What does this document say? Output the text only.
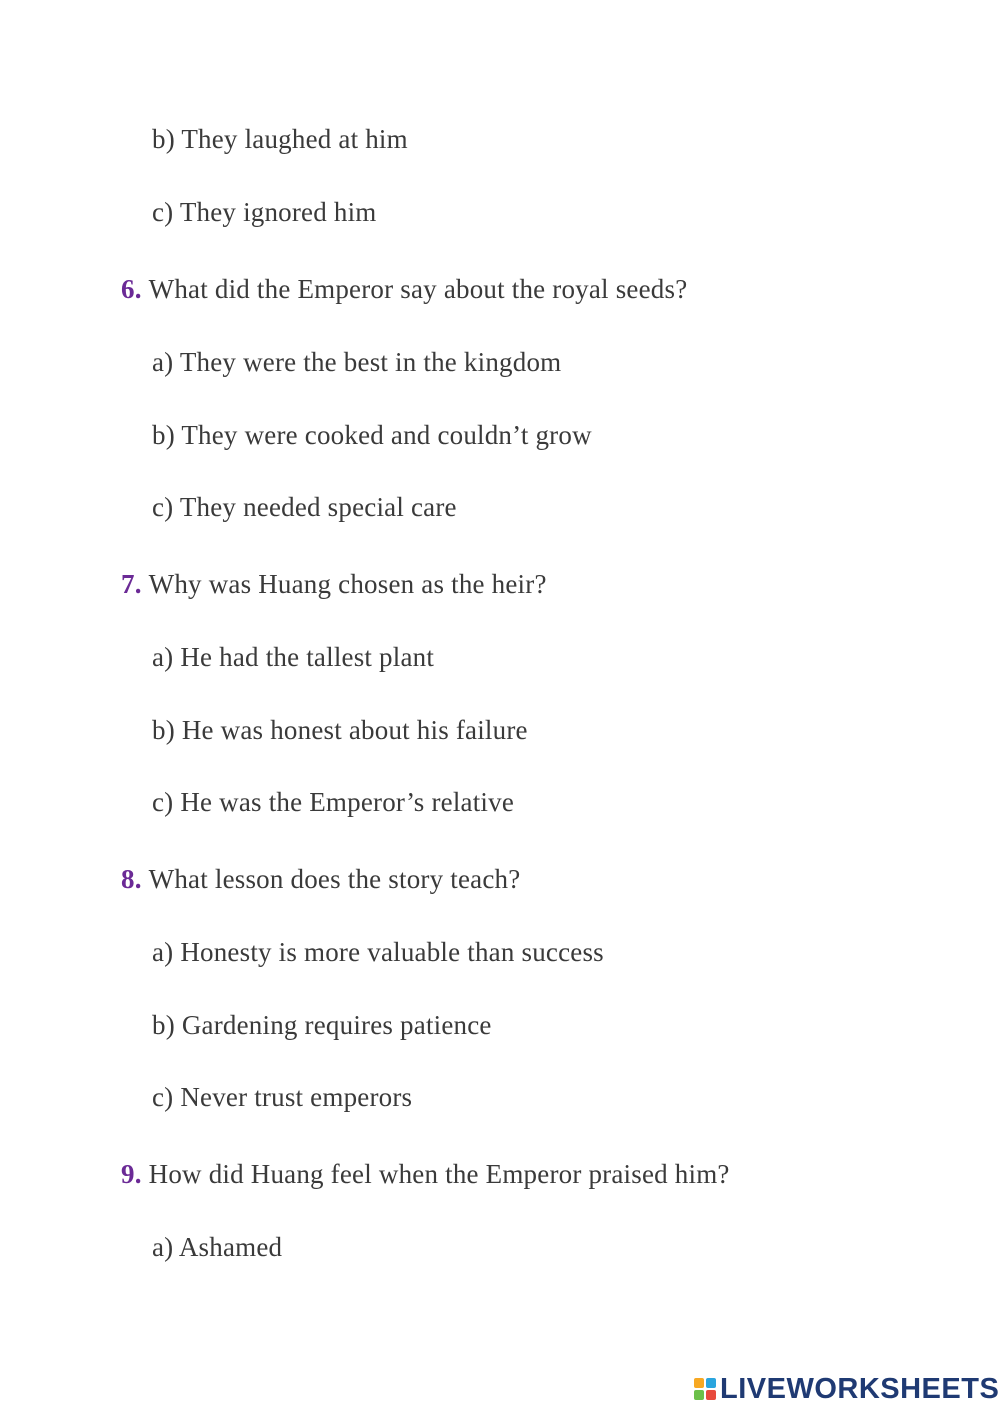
b) They laughed at him
c) They ignored him
6. What did the Emperor say about the royal seeds?
a) They were the best in the kingdom
b) They were cooked and couldn’t grow
c) They needed special care
7. Why was Huang chosen as the heir?
a) He had the tallest plant
b) He was honest about his failure
c) He was the Emperor’s relative
8. What lesson does the story teach?
a) Honesty is more valuable than success
b) Gardening requires patience
c) Never trust emperors
9. How did Huang feel when the Emperor praised him?
a) Ashamed
LIVEWORKSHEETS
